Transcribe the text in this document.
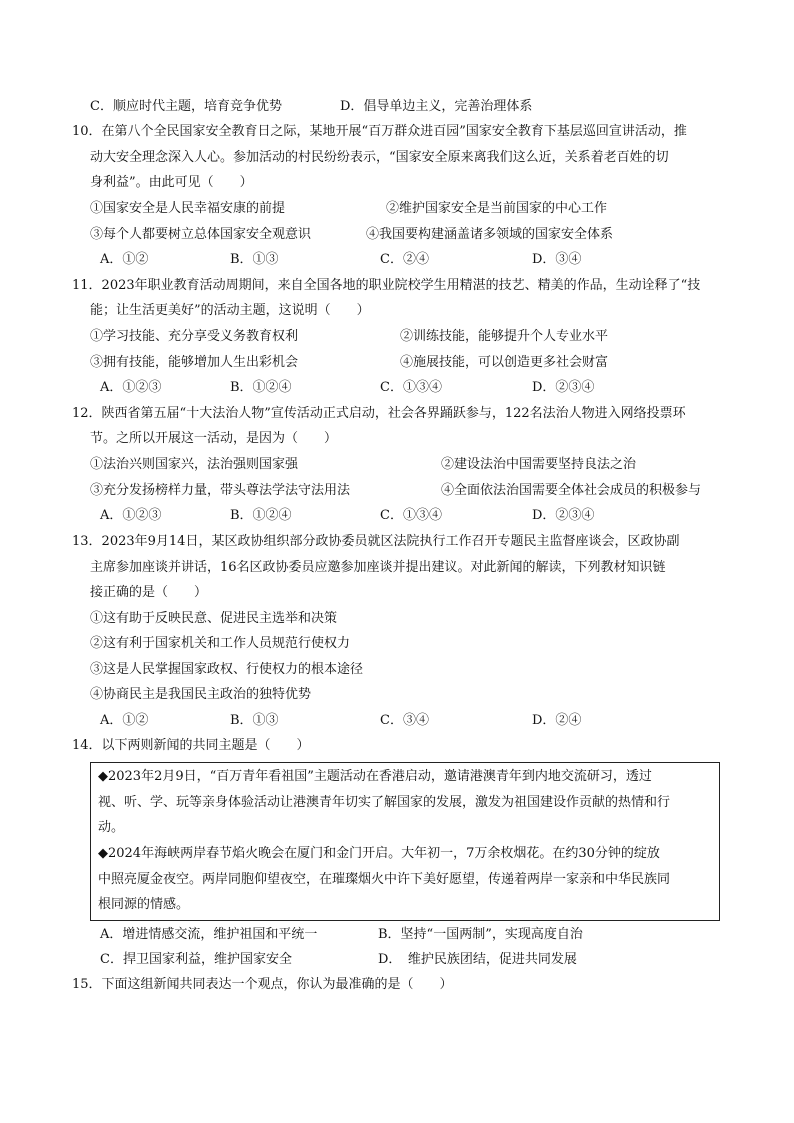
C．顺应时代主题，培育竞争优势	D．倡导单边主义，完善治理体系
10．在第八个全民国家安全教育日之际，某地开展“百万群众进百园”国家安全教育下基层巡回宣讲活动，推
动大安全理念深入人心。参加活动的村民纷纷表示，“国家安全原来离我们这么近，关系着老百姓的切
身利益”。由此可见（　　）
①国家安全是人民幸福安康的前提	②维护国家安全是当前国家的中心工作
③每个人都要树立总体国家安全观意识	④我国要构建涵盖诸多领域的国家安全体系
A．①②	B．①③	C．②④	D．③④
11．2023年职业教育活动周期间，来自全国各地的职业院校学生用精湛的技艺、精美的作品，生动诠释了“技
能；让生活更美好”的活动主题，这说明（　　）
①学习技能、充分享受义务教育权利	②训练技能，能够提升个人专业水平
③拥有技能，能够增加人生出彩机会	④施展技能，可以创造更多社会财富
A．①②③	B．①②④	C．①③④	D．②③④
12．陕西省第五届“十大法治人物”宣传活动正式启动，社会各界踊跃参与，122名法治人物进入网络投票环
节。之所以开展这一活动，是因为（　　）
①法治兴则国家兴，法治强则国家强	②建设法治中国需要坚持良法之治
③充分发扬榜样力量，带头尊法学法守法用法	④全面依法治国需要全体社会成员的积极参与
A．①②③	B．①②④	C．①③④	D．②③④
13．2023年9月14日，某区政协组织部分政协委员就区法院执行工作召开专题民主监督座谈会，区政协副
主席参加座谈并讲话，16名区政协委员应邀参加座谈并提出建议。对此新闻的解读，下列教材知识链
接正确的是（　　）
①这有助于反映民意、促进民主选举和决策
②这有利于国家机关和工作人员规范行使权力
③这是人民掌握国家政权、行使权力的根本途径
④协商民主是我国民主政治的独特优势
A．①②	B．①③	C．③④	D．②④
14．以下两则新闻的共同主题是（　　）
◆2023年2月9日，“百万青年看祖国”主题活动在香港启动，邀请港澳青年到内地交流研习，透过
视、听、学、玩等亲身体验活动让港澳青年切实了解国家的发展，激发为祖国建设作贡献的热情和行
动。
◆2024年海峡两岸春节焰火晚会在厦门和金门开启。大年初一，7万余枚烟花。在约30分钟的绽放
中照亮厦金夜空。两岸同胞仰望夜空，在璀璨烟火中许下美好愿望，传递着两岸一家亲和中华民族同
根同源的情感。
A．增进情感交流，维护祖国和平统一	B．坚持“一国两制”，实现高度自治
C．捍卫国家利益，维护国家安全	D．　维护民族团结，促进共同发展
15．下面这组新闻共同表达一个观点，你认为最准确的是（　　）
